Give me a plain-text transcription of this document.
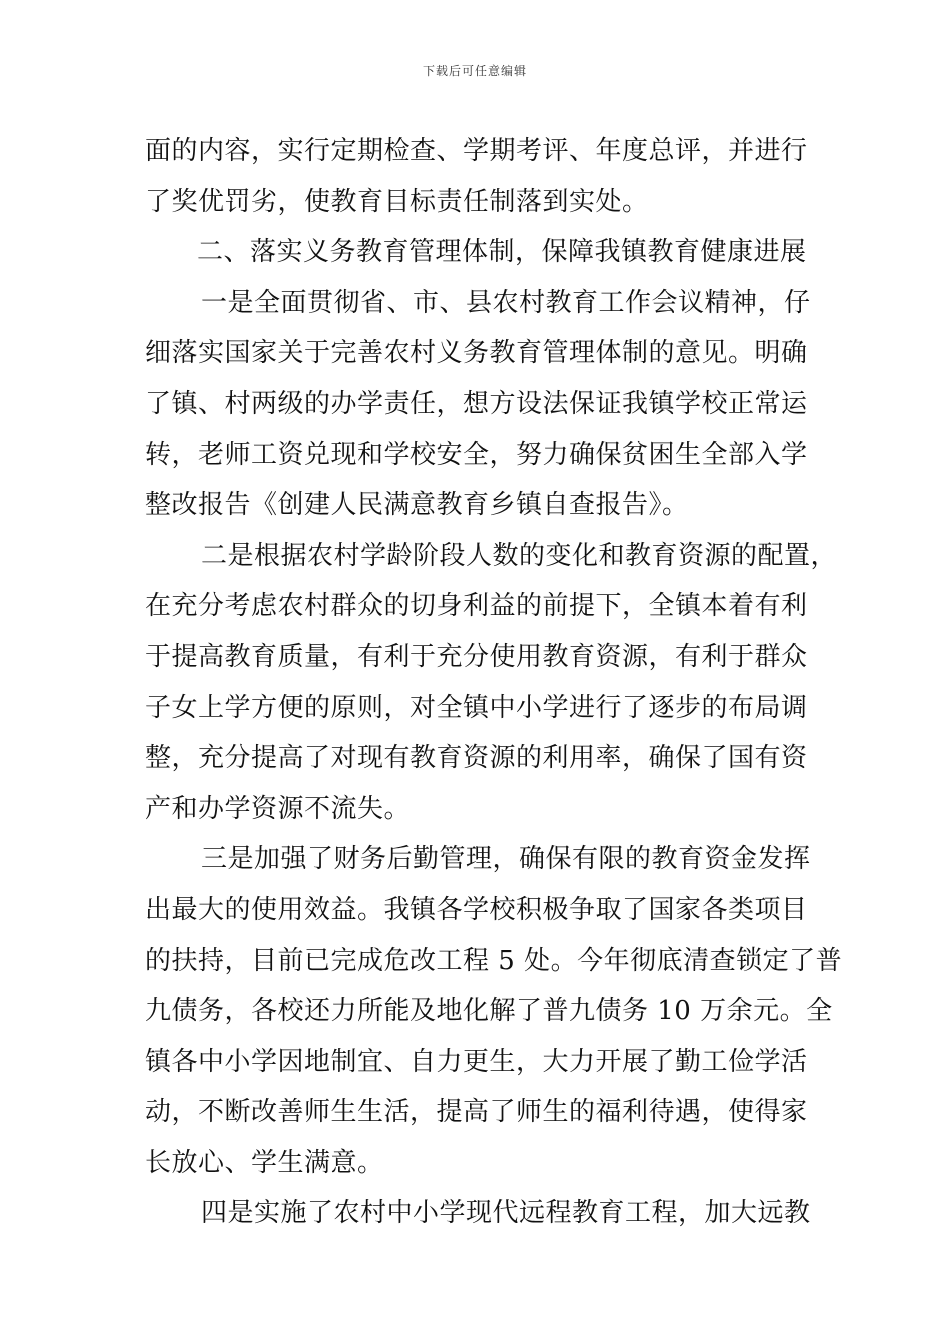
下载后可任意编辑
面的内容，实行定期检查、学期考评、年度总评，并进行
了奖优罚劣，使教育目标责任制落到实处。
二、落实义务教育管理体制，保障我镇教育健康进展
一是全面贯彻省、市、县农村教育工作会议精神，仔
细落实国家关于完善农村义务教育管理体制的意见。明确
了镇、村两级的办学责任，想方设法保证我镇学校正常运
转，老师工资兑现和学校安全，努力确保贫困生全部入学
整改报告《创建人民满意教育乡镇自查报告》。
二是根据农村学龄阶段人数的变化和教育资源的配置，
在充分考虑农村群众的切身利益的前提下，全镇本着有利
于提高教育质量，有利于充分使用教育资源，有利于群众
子女上学方便的原则，对全镇中小学进行了逐步的布局调
整，充分提高了对现有教育资源的利用率，确保了国有资
产和办学资源不流失。
三是加强了财务后勤管理，确保有限的教育资金发挥
出最大的使用效益。我镇各学校积极争取了国家各类项目
的扶持，目前已完成危改工程 5 处。今年彻底清查锁定了普
九债务，各校还力所能及地化解了普九债务 10 万余元。全
镇各中小学因地制宜、自力更生，大力开展了勤工俭学活
动，不断改善师生生活，提高了师生的福利待遇，使得家
长放心、学生满意。
四是实施了农村中小学现代远程教育工程，加大远教
